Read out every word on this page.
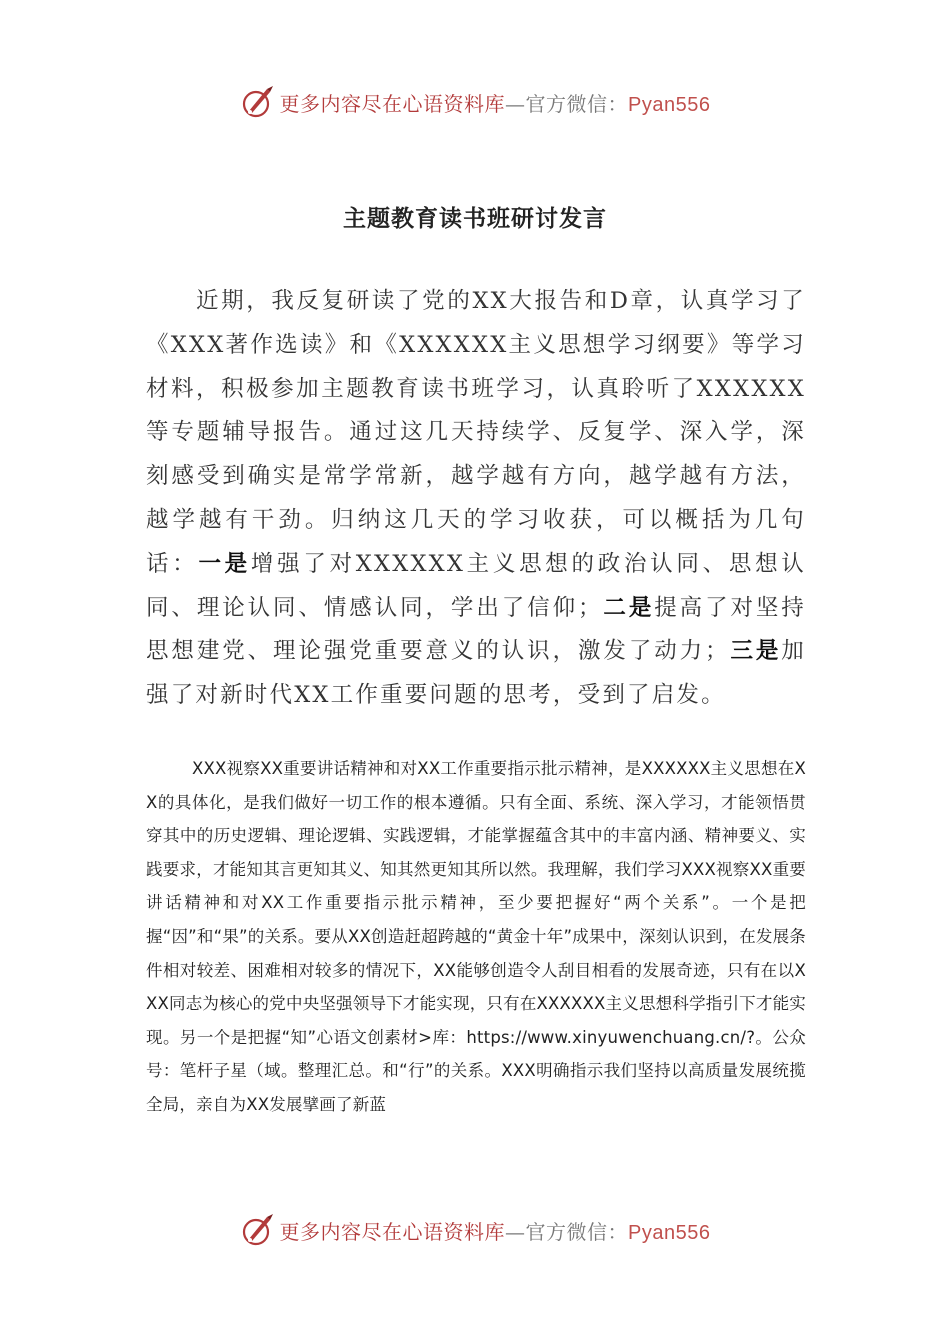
更多内容尽在心语资料库—官方微信：Pyan556
主题教育读书班研讨发言

近期，我反复研读了党的XX大报告和D章，认真学习了《XXX著作选读》和《XXXXXX主义思想学习纲要》等学习材料，积极参加主题教育读书班学习，认真聆听了XXXXXX等专题辅导报告。通过这几天持续学、反复学、深入学，深刻感受到确实是常学常新，越学越有方向，越学越有方法，越学越有干劲。归纳这几天的学习收获，可以概括为几句话：一是增强了对XXXXXX主义思想的政治认同、思想认同、理论认同、情感认同，学出了信仰；二是提高了对坚持思想建党、理论强党重要意义的认识，激发了动力；三是加强了对新时代XX工作重要问题的思考，受到了启发。

XXX视察XX重要讲话精神和对XX工作重要指示批示精神，是XXXXXX主义思想在XX的具体化，是我们做好一切工作的根本遵循。只有全面、系统、深入学习，才能领悟贯穿其中的历史逻辑、理论逻辑、实践逻辑，才能掌握蕴含其中的丰富内涵、精神要义、实践要求，才能知其言更知其义、知其然更知其所以然。我理解，我们学习XXX视察XX重要讲话精神和对XX工作重要指示批示精神，至少要把握好“两个关系”。一个是把握“因”和“果”的关系。要从XX创造赶超跨越的“黄金十年”成果中，深刻认识到，在发展条件相对较差、困难相对较多的情况下，XX能够创造令人刮目相看的发展奇迹，只有在以XXX同志为核心的党中央坚强领导下才能实现，只有在XXXXXX主义思想科学指引下才能实现。另一个是把握“知”心语文创素材>库：https://www.xinyuwenchuang.cn/?。公众号：笔杆子星（域。整理汇总。和“行”的关系。XXX明确指示我们坚持以高质量发展统揽全局，亲自为XX发展擘画了新蓝

更多内容尽在心语资料库—官方微信：Pyan556
